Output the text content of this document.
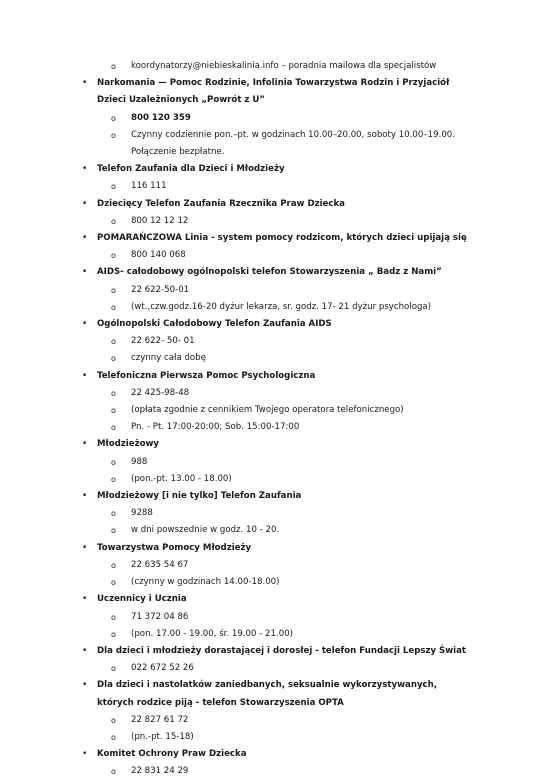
o koordynatorzy@niebieskalinia.info – poradnia mailowa dla specjalistów
• Narkomania — Pomoc Rodzinie, Infolinia Towarzystwa Rodzin i Przyjaciół Dzieci Uzależnionych „Powrót z U”
o 800 120 359
o Czynny codziennie pon.–pt. w godzinach 10.00–20.00, soboty 10.00–19.00. Połączenie bezpłatne.
• Telefon Zaufania dla Dzieci i Młodzieży
o 116 111
• Dziecięcy Telefon Zaufania Rzecznika Praw Dziecka
o 800 12 12 12
• POMARAŃCZOWA Linia - system pomocy rodzicom, których dzieci upijają się
o 800 140 068
• AIDS- całodobowy ogólnopolski telefon Stowarzyszenia „ Badz z Nami”
o 22 622-50-01
o (wt.,czw.godz.16-20 dyżur lekarza, sr. godz. 17- 21 dyżur psychologa)
• Ogólnopolski Całodobowy Telefon Zaufania AIDS
o 22 622- 50- 01
o czynny cała dobę
• Telefoniczna Pierwsza Pomoc Psychologiczna
o 22 425-98-48
o (opłata zgodnie z cennikiem Twojego operatora telefonicznego)
o Pn. - Pt. 17:00-20:00; Sob. 15:00-17:00
• Młodzieżowy
o 988
o (pon.-pt. 13.00 - 18.00)
• Młodzieżowy [i nie tylko] Telefon Zaufania
o 9288
o w dni powszednie w godz. 10 - 20.
• Towarzystwa Pomocy Młodzieży
o 22 635 54 67
o (czynny w godzinach 14.00-18.00)
• Uczennicy i Ucznia
o 71 372 04 86
o (pon. 17.00 - 19.00, śr. 19.00 - 21.00)
• Dla dzieci i młodzieży dorastającej i dorosłej - telefon Fundacji Lepszy Świat
o 022 672 52 26
• Dla dzieci i nastolatków zaniedbanych, seksualnie wykorzystywanych, których rodzice piją - telefon Stowarzyszenia OPTA
o 22 827 61 72
o (pn.-pt. 15-18)
• Komitet Ochrony Praw Dziecka
o 22 831 24 29
